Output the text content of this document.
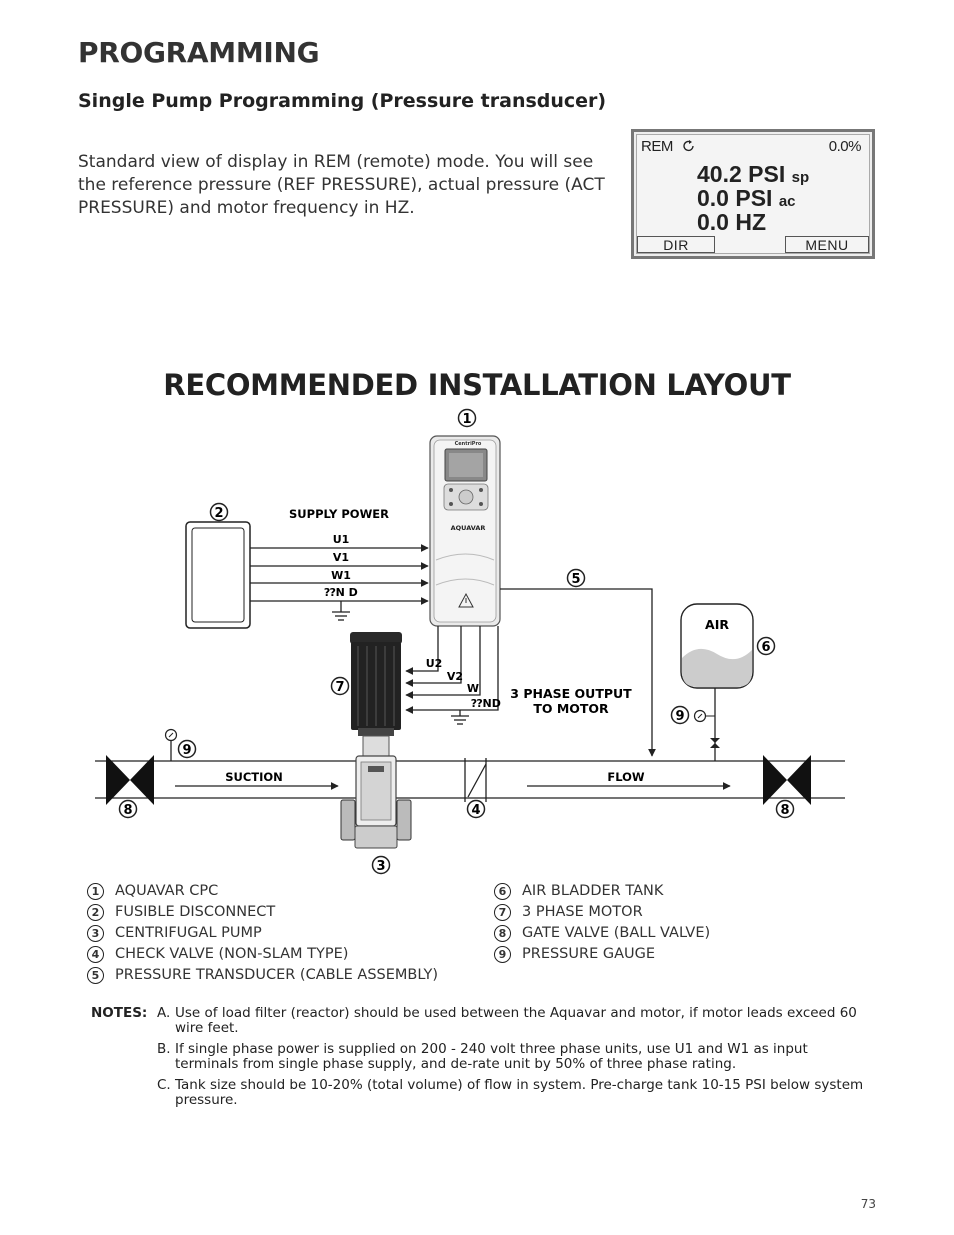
PROGRAMMING
Single Pump Programming (Pressure transducer)
Standard view of display in REM (remote) mode. You will see the reference pressure (REF PRESSURE), actual pressure (ACT PRESSURE) and motor frequency in HZ.
REM	0.0%
40.2 PSI sp
0.0 PSI ac
0.0 HZ
DIR	MENU
RECOMMENDED INSTALLATION LAYOUT
SUCTION	FLOW
SUPPLY POWER
U1
V1
W1
⁇N D
CentriPro
AQUAVAR
U2
V2
W
⁇ND
3 PHASE OUTPUT
TO MOTOR
AIR
1
2
5
6
7
9
9
8	4	8
3
1	AQUAVAR CPC
2	FUSIBLE DISCONNECT
3	CENTRIFUGAL PUMP
4	CHECK VALVE (NON-SLAM TYPE)
5	PRESSURE TRANSDUCER (CABLE ASSEMBLY)
6	AIR BLADDER TANK
7	3 PHASE MOTOR
8	GATE VALVE (BALL VALVE)
9	PRESSURE GAUGE
NOTES: A. Use of load filter (reactor) should be used between the Aquavar and motor, if motor leads exceed 60 wire feet.
B. If single phase power is supplied on 200 - 240 volt three phase units, use U1 and W1 as input terminals from single phase supply, and de-rate unit by 50% of three phase rating.
C. Tank size should be 10-20% (total volume) of flow in system. Pre-charge tank 10-15 PSI below system pressure.
73
